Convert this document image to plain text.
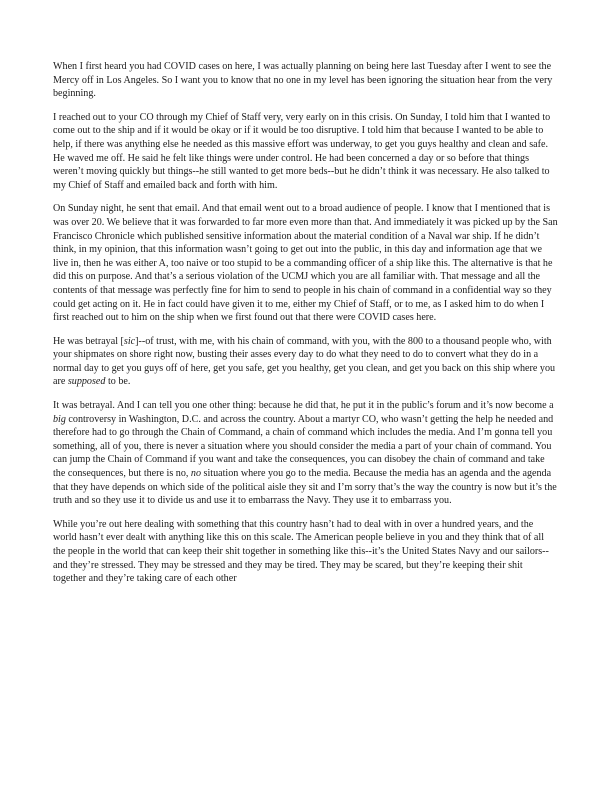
When I first heard you had COVID cases on here, I was actually planning on being here last Tuesday after I went to see the Mercy off in Los Angeles. So I want you to know that no one in my level has been ignoring the situation hear from the very beginning.

I reached out to your CO through my Chief of Staff very, very early on in this crisis. On Sunday, I told him that I wanted to come out to the ship and if it would be okay or if it would be too disruptive. I told him that because I wanted to be able to help, if there was anything else he needed as this massive effort was underway, to get you guys healthy and clean and safe. He waved me off. He said he felt like things were under control. He had been concerned a day or so before that things weren’t moving quickly but things--he still wanted to get more beds--but he didn’t think it was necessary. He also talked to my Chief of Staff and emailed back and forth with him.

On Sunday night, he sent that email. And that email went out to a broad audience of people. I know that I mentioned that is was over 20. We believe that it was forwarded to far more even more than that. And immediately it was picked up by the San Francisco Chronicle which published sensitive information about the material condition of a Naval war ship. If he didn’t think, in my opinion, that this information wasn’t going to get out into the public, in this day and information age that we live in, then he was either A, too naive or too stupid to be a commanding officer of a ship like this. The alternative is that he did this on purpose. And that’s a serious violation of the UCMJ which you are all familiar with. That message and all the contents of that message was perfectly fine for him to send to people in his chain of command in a confidential way so they could get acting on it. He in fact could have given it to me, either my Chief of Staff, or to me, as I asked him to do when I first reached out to him on the ship when we first found out that there were COVID cases here.

He was betrayal [sic]--of trust, with me, with his chain of command, with you, with the 800 to a thousand people who, with your shipmates on shore right now, busting their asses every day to do what they need to do to convert what they do in a normal day to get you guys off of here, get you safe, get you healthy, get you clean, and get you back on this ship where you are supposed to be.

It was betrayal. And I can tell you one other thing: because he did that, he put it in the public’s forum and it’s now become a big controversy in Washington, D.C. and across the country. About a martyr CO, who wasn’t getting the help he needed and therefore had to go through the Chain of Command, a chain of command which includes the media. And I’m gonna tell you something, all of you, there is never a situation where you should consider the media a part of your chain of command. You can jump the Chain of Command if you want and take the consequences, you can disobey the chain of command and take the consequences, but there is no, no situation where you go to the media. Because the media has an agenda and the agenda that they have depends on which side of the political aisle they sit and I’m sorry that’s the way the country is now but it’s the truth and so they use it to divide us and use it to embarrass the Navy. They use it to embarrass you.

While you’re out here dealing with something that this country hasn’t had to deal with in over a hundred years, and the world hasn’t ever dealt with anything like this on this scale. The American people believe in you and they think that of all the people in the world that can keep their shit together in something like this--it’s the United States Navy and our sailors--and they’re stressed. They may be stressed and they may be tired. They may be scared, but they’re keeping their shit together and they’re taking care of each other
